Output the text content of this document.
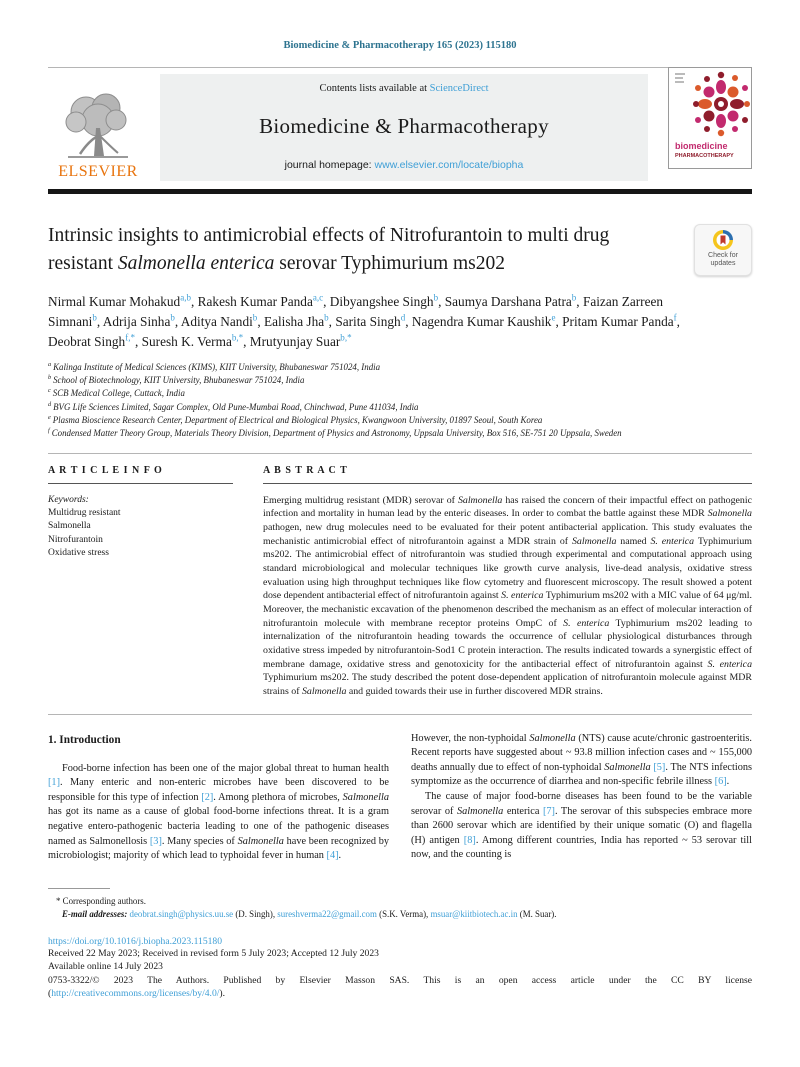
Biomedicine & Pharmacotherapy 165 (2023) 115180
ELSEVIER
Contents lists available at ScienceDirect
Biomedicine & Pharmacotherapy
journal homepage: www.elsevier.com/locate/biopha
biomedicine
PHARMACOTHERAPY
Intrinsic insights to antimicrobial effects of Nitrofurantoin to multi drug resistant Salmonella enterica serovar Typhimurium ms202	Check for
updates
Nirmal Kumar Mohakud$^{a,b}$, Rakesh Kumar Panda$^{a,c}$, Dibyangshee Singh$^b$, Saumya Darshana Patra$^b$, Faizan Zarreen Simnani$^b$, Adrija Sinha$^b$, Aditya Nandi$^b$, Ealisha Jha$^b$, Sarita Singh$^d$, Nagendra Kumar Kaushik$^e$, Pritam Kumar Panda$^f$, Deobrat Singh$^{f,*}$, Suresh K. Verma$^{b,*}$, Mrutyunjay Suar$^{b,*}$
$^a$ Kalinga Institute of Medical Sciences (KIMS), KIIT University, Bhubaneswar 751024, India
$^b$ School of Biotechnology, KIIT University, Bhubaneswar 751024, India
$^c$ SCB Medical College, Cuttack, India
$^d$ BVG Life Sciences Limited, Sagar Complex, Old Pune-Mumbai Road, Chinchwad, Pune 411034, India
$^e$ Plasma Bioscience Research Center, Department of Electrical and Biological Physics, Kwangwoon University, 01897 Seoul, South Korea
$^f$ Condensed Matter Theory Group, Materials Theory Division, Department of Physics and Astronomy, Uppsala University, Box 516, SE-751 20 Uppsala, Sweden
A R T I C L E I N F O
Keywords:
Multidrug resistant
Salmonella
Nitrofurantoin
Oxidative stress
A B S T R A C T
Emerging multidrug resistant (MDR) serovar of Salmonella has raised the concern of their impactful effect on pathogenic infection and mortality in human lead by the enteric diseases. In order to combat the battle against these MDR Salmonella pathogen, new drug molecules need to be evaluated for their potent antibacterial application. This study evaluates the mechanistic antimicrobial effect of nitrofurantoin against a MDR strain of Salmonella named S. enterica Typhimurium ms202. The antimicrobial effect of nitrofurantoin was studied through experimental and computational approach using standard microbiological and molecular techniques like growth curve analysis, live-dead analysis, oxidative stress evaluation using high throughput techniques like flow cytometry and fluorescent microscopy. The result showed a potent dose dependent antibacterial effect of nitrofurantoin against S. enterica Typhimurium ms202 with a MIC value of 64 μg/ml. Moreover, the mechanistic excavation of the phenomenon described the mechanism as an effect of molecular interaction of nitrofurantoin molecule with membrane receptor proteins OmpC of S. enterica Typhimurium ms202 leading to internalization of the nitrofurantoin heading towards the occurrence of cellular physiological disturbances through oxidative stress impeded by nitrofurantoin-Sod1 C protein interaction. The results indicated towards a synergistic effect of membrane damage, oxidative stress and genotoxicity for the antibacterial effect of nitrofurantoin against S. enterica Typhimurium ms202. The study described the potent dose-dependent application of nitrofurantoin molecule against MDR strains of Salmonella and guided towards their use in further discovered MDR strains.
1. Introduction

Food-borne infection has been one of the major global threat to human health [1]. Many enteric and non-enteric microbes have been discovered to be responsible for this type of infection [2]. Among plethora of microbes, Salmonella has got its name as a cause of global food-borne infections threat. It is a gram negative entero-pathogenic bacteria leading to one of the pathogenic diseases named as Salmonellosis [3]. Many species of Salmonella have been recognized by microbiologist; majority of which lead to typhoidal fever in human [4].

However, the non-typhoidal Salmonella (NTS) cause acute/chronic gastroenteritis. Recent reports have suggested about ~ 93.8 million infection cases and ~ 155,000 deaths annually due to effect of non-typhoidal Salmonella [5]. The NTS infections symptomize as the occurrence of diarrhea and non-specific febrile illness [6].

The cause of major food-borne diseases has been found to be the variable serovar of Salmonella enterica [7]. The serovar of this subspecies embrace more than 2600 serovar which are identified by their unique somatic (O) and flagella (H) antigen [8]. Among different countries, India has reported ~ 53 serovar till now, and the counting is

* Corresponding authors.
E-mail addresses: deobrat.singh@physics.uu.se (D. Singh), sureshverma22@gmail.com (S.K. Verma), msuar@kiitbiotech.ac.in (M. Suar).
https://doi.org/10.1016/j.biopha.2023.115180
Received 22 May 2023; Received in revised form 5 July 2023; Accepted 12 July 2023
Available online 14 July 2023
0753-3322/© 2023 The Authors. Published by Elsevier Masson SAS. This is an open access article under the CC BY license
(http://creativecommons.org/licenses/by/4.0/).
